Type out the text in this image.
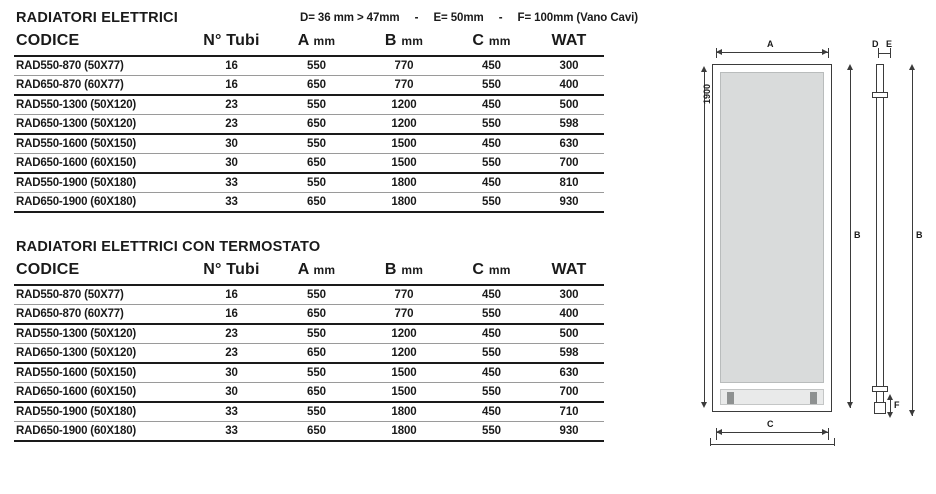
D= 36 mm > 47mm - E= 50mm - F= 100mm (Vano Cavi)
RADIATORI ELETTRICI
CODICE	N° Tubi	A mm	B mm	C mm	WAT
RAD550-870 (50X77)	16	550	770	450	300
RAD650-870 (60X77)	16	650	770	550	400
RAD550-1300 (50X120)	23	550	1200	450	500
RAD650-1300 (50X120)	23	650	1200	550	598
RAD550-1600 (50X150)	30	550	1500	450	630
RAD650-1600 (60X150)	30	650	1500	550	700
RAD550-1900 (50X180)	33	550	1800	450	810
RAD650-1900 (60X180)	33	650	1800	550	930
RADIATORI ELETTRICI CON TERMOSTATO
CODICE	N° Tubi	A mm	B mm	C mm	WAT
RAD550-870 (50X77)	16	550	770	450	300
RAD650-870 (60X77)	16	650	770	550	400
RAD550-1300 (50X120)	23	550	1200	450	500
RAD650-1300 (50X120)	23	650	1200	550	598
RAD550-1600 (50X150)	30	550	1500	450	630
RAD650-1600 (60X150)	30	650	1500	550	700
RAD550-1900 (50X180)	33	550	1800	450	710
RAD650-1900 (60X180)	33	650	1800	550	930
A
1900
B
C
D E
F
B
